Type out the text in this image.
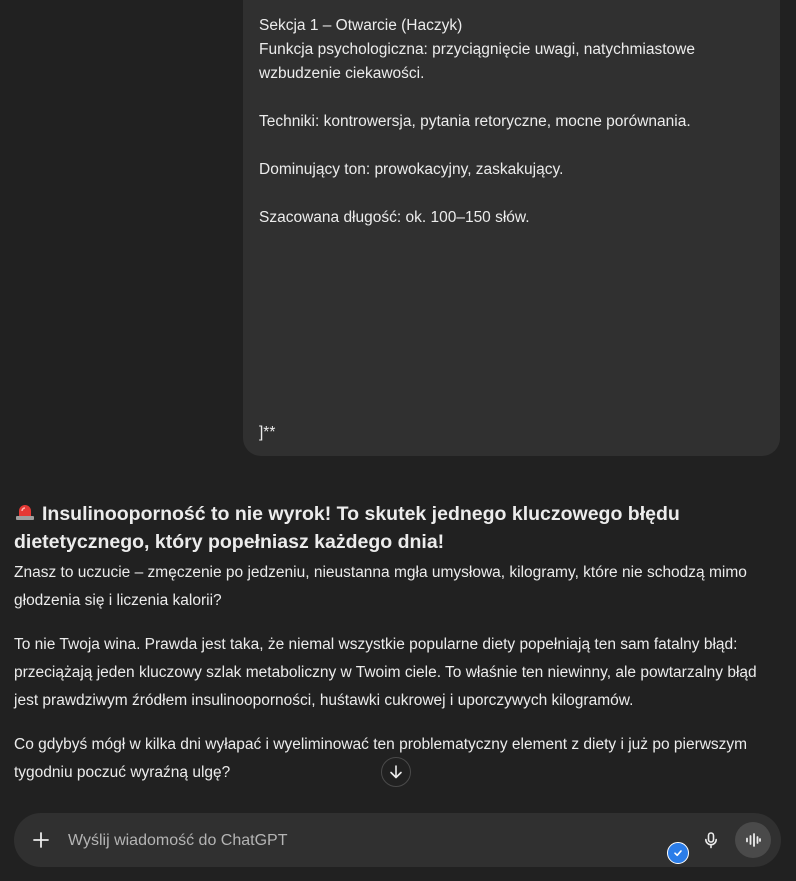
Sekcja 1 – Otwarcie (Haczyk)
Funkcja psychologiczna: przyciągnięcie uwagi, natychmiastowe
wzbudzenie ciekawości.
Techniki: kontrowersja, pytania retoryczne, mocne porównania.
Dominujący ton: prowokacyjny, zaskakujący.
Szacowana długość: ok. 100–150 słów.
]**
Insulinooporność to nie wyrok! To skutek jednego kluczowego błędu dietetycznego, który popełniasz każdego dnia!

Znasz to uczucie – zmęczenie po jedzeniu, nieustanna mgła umysłowa, kilogramy, które nie schodzą mimo głodzenia się i liczenia kalorii?

To nie Twoja wina. Prawda jest taka, że niemal wszystkie popularne diety popełniają ten sam fatalny błąd: przeciążają jeden kluczowy szlak metaboliczny w Twoim ciele. To właśnie ten niewinny, ale powtarzalny błąd jest prawdziwym źródłem insulinooporności, huśtawki cukrowej i uporczywych kilogramów.

Co gdybyś mógł w kilka dni wyłapać i wyeliminować ten problematyczny element z diety i już po pierwszym tygodniu poczuć wyraźną ulgę?

Wyślij wiadomość do ChatGPT
